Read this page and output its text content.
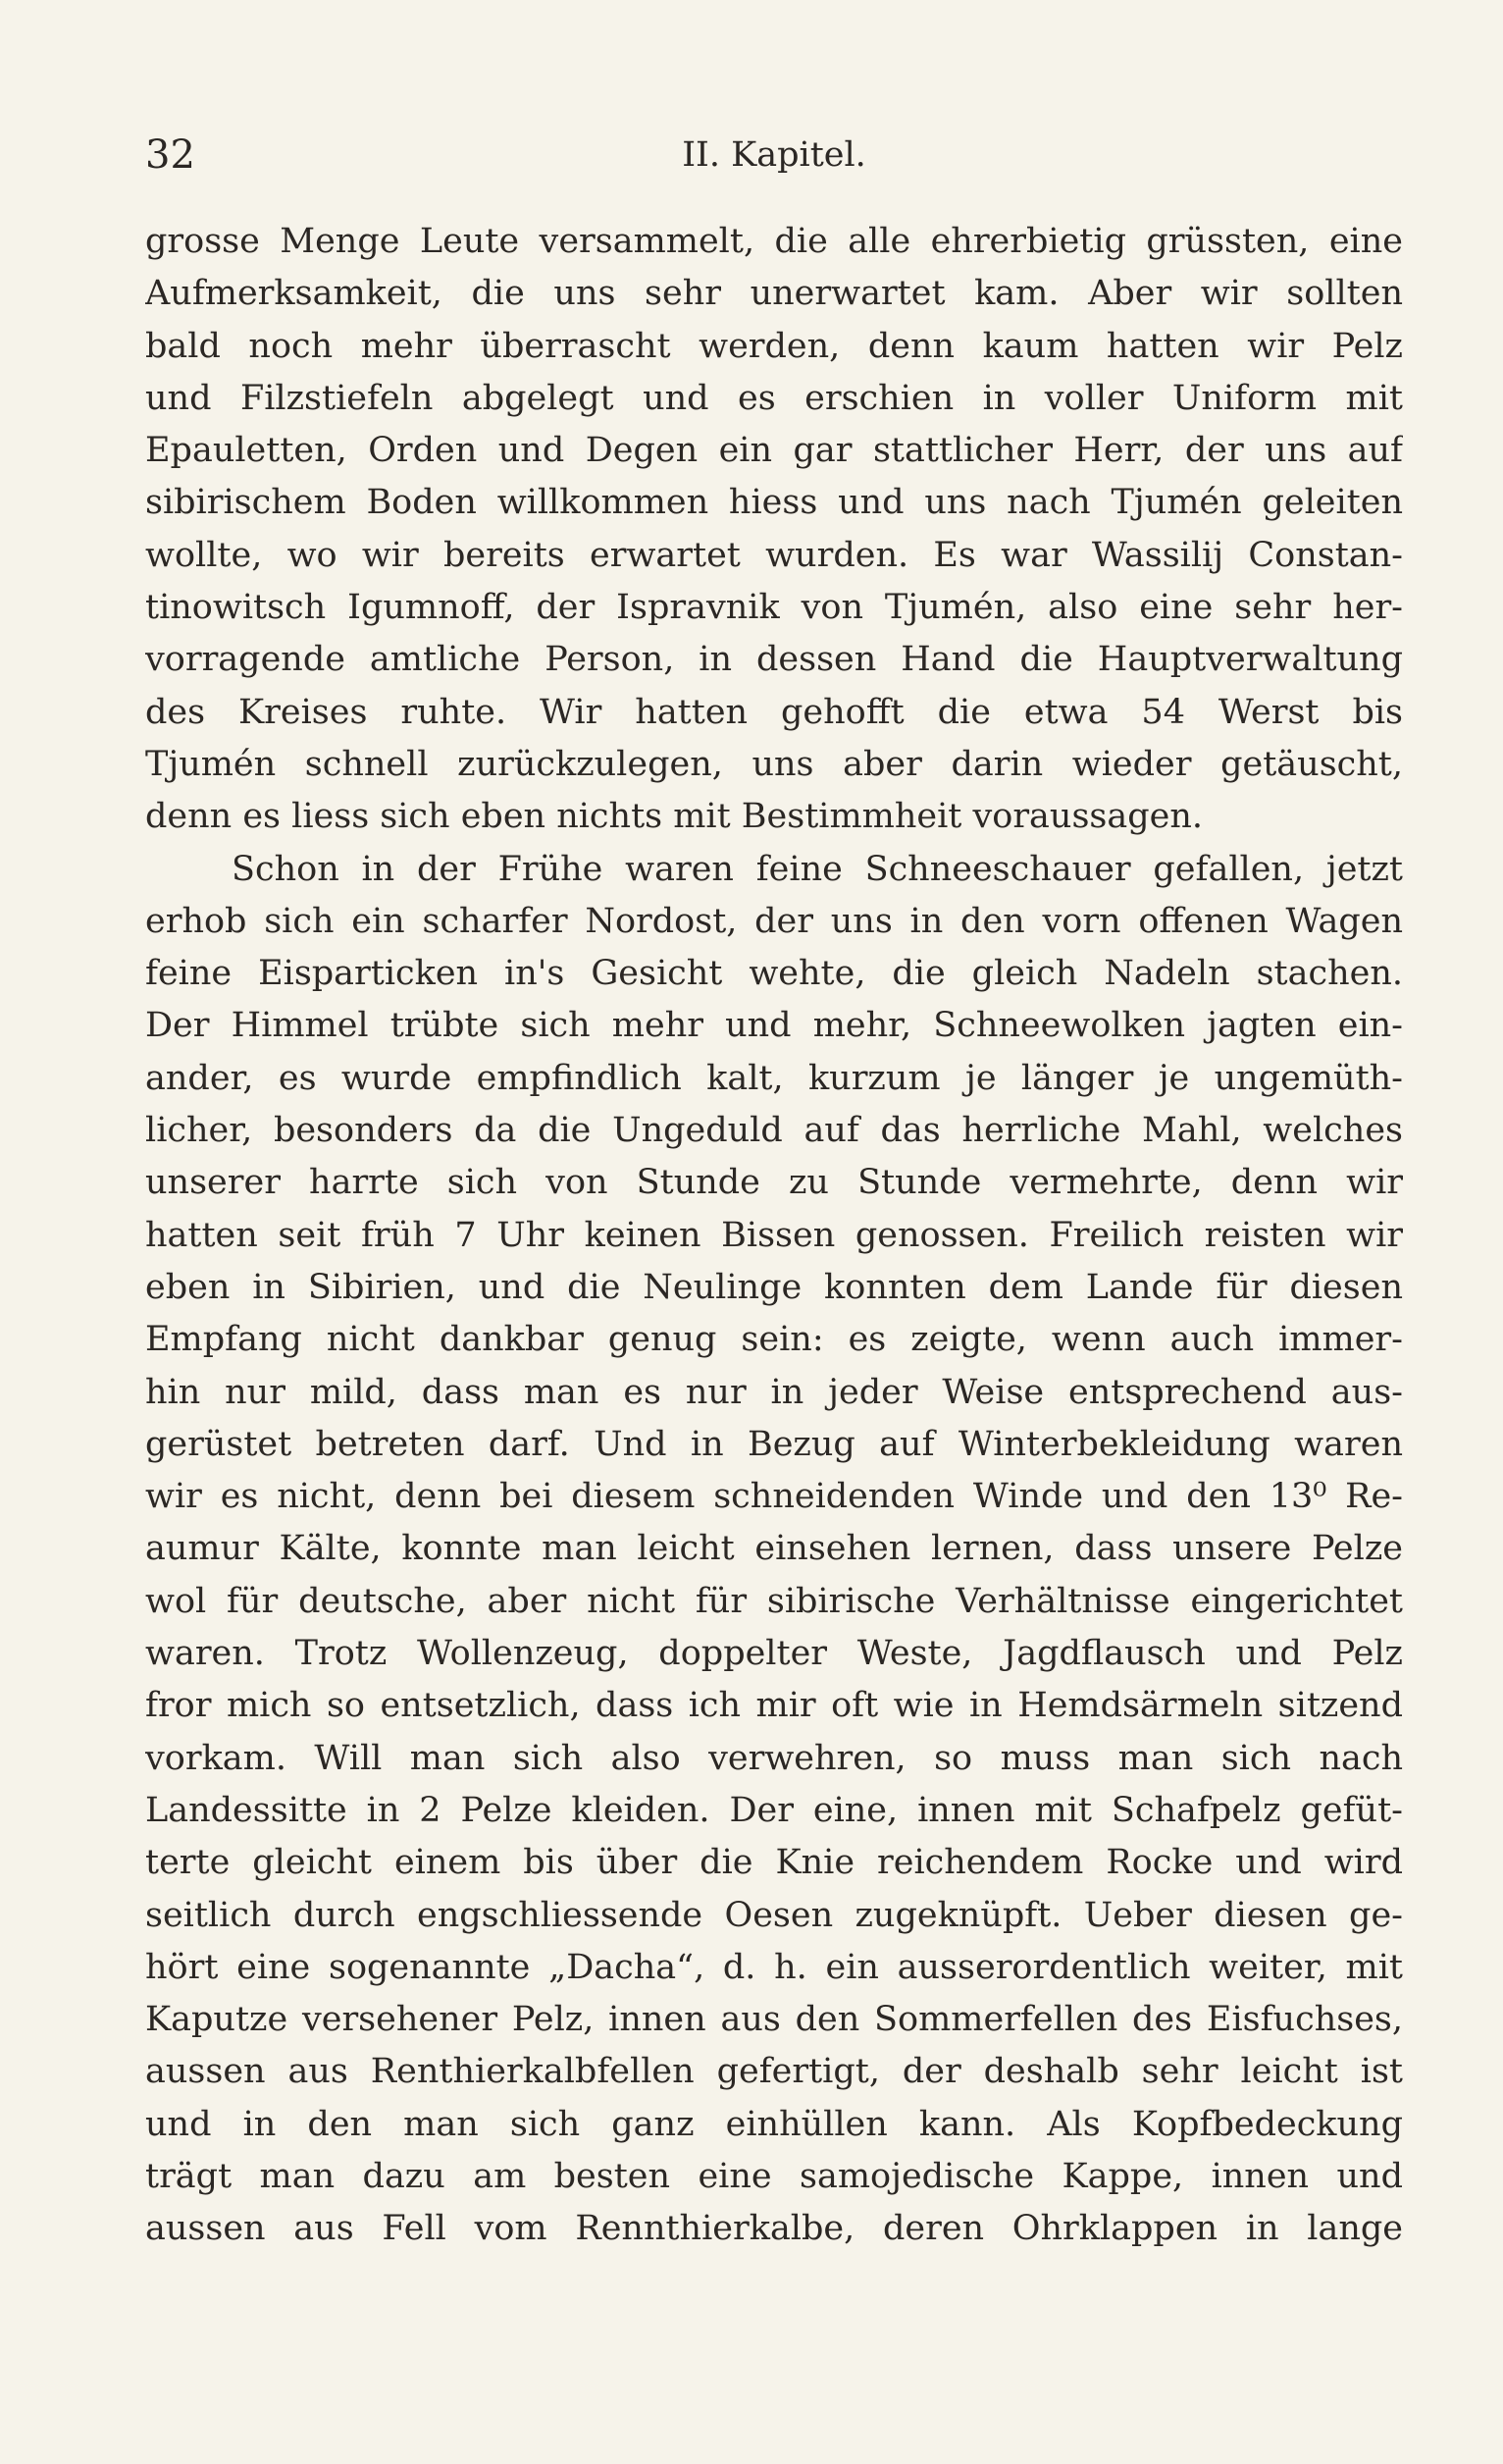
32	II. Kapitel.
grosse Menge Leute versammelt, die alle ehrerbietig grüssten, eine
Aufmerksamkeit, die uns sehr unerwartet kam. Aber wir sollten
bald noch mehr überrascht werden, denn kaum hatten wir Pelz
und Filzstiefeln abgelegt und es erschien in voller Uniform mit
Epauletten, Orden und Degen ein gar stattlicher Herr, der uns auf
sibirischem Boden willkommen hiess und uns nach Tjumén geleiten
wollte, wo wir bereits erwartet wurden. Es war Wassilij Constan-
tinowitsch Igumnoff, der Ispravnik von Tjumén, also eine sehr her-
vorragende amtliche Person, in dessen Hand die Hauptverwaltung
des Kreises ruhte. Wir hatten gehofft die etwa 54 Werst bis
Tjumén schnell zurückzulegen, uns aber darin wieder getäuscht,
denn es liess sich eben nichts mit Bestimmheit voraussagen.
Schon in der Frühe waren feine Schneeschauer gefallen, jetzt
erhob sich ein scharfer Nordost, der uns in den vorn offenen Wagen
feine Eisparticken in's Gesicht wehte, die gleich Nadeln stachen.
Der Himmel trübte sich mehr und mehr, Schneewolken jagten ein-
ander, es wurde empfindlich kalt, kurzum je länger je ungemüth-
licher, besonders da die Ungeduld auf das herrliche Mahl, welches
unserer harrte sich von Stunde zu Stunde vermehrte, denn wir
hatten seit früh 7 Uhr keinen Bissen genossen. Freilich reisten wir
eben in Sibirien, und die Neulinge konnten dem Lande für diesen
Empfang nicht dankbar genug sein: es zeigte, wenn auch immer-
hin nur mild, dass man es nur in jeder Weise entsprechend aus-
gerüstet betreten darf. Und in Bezug auf Winterbekleidung waren
wir es nicht, denn bei diesem schneidenden Winde und den 13⁰ Re-
aumur Kälte, konnte man leicht einsehen lernen, dass unsere Pelze
wol für deutsche, aber nicht für sibirische Verhältnisse eingerichtet
waren. Trotz Wollenzeug, doppelter Weste, Jagdflausch und Pelz
fror mich so entsetzlich, dass ich mir oft wie in Hemdsärmeln sitzend
vorkam. Will man sich also verwehren, so muss man sich nach
Landessitte in 2 Pelze kleiden. Der eine, innen mit Schafpelz gefüt-
terte gleicht einem bis über die Knie reichendem Rocke und wird
seitlich durch engschliessende Oesen zugeknüpft. Ueber diesen ge-
hört eine sogenannte „Dacha“, d. h. ein ausserordentlich weiter, mit
Kaputze versehener Pelz, innen aus den Sommerfellen des Eisfuchses,
aussen aus Renthierkalbfellen gefertigt, der deshalb sehr leicht ist
und in den man sich ganz einhüllen kann. Als Kopfbedeckung
trägt man dazu am besten eine samojedische Kappe, innen und
aussen aus Fell vom Rennthierkalbe, deren Ohrklappen in lange
